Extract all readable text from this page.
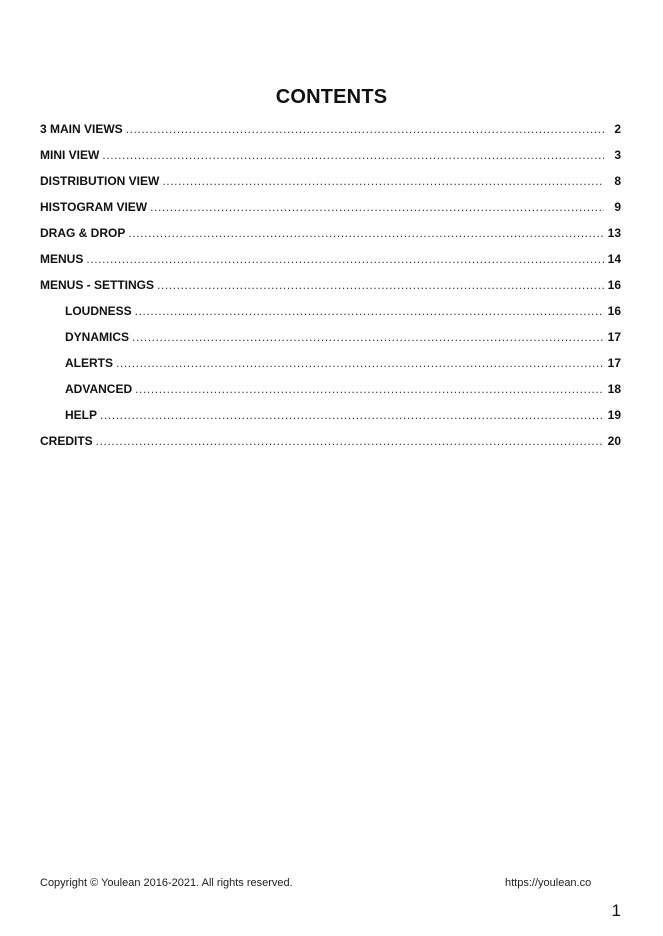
CONTENTS
3 MAIN VIEWS .....	2
MINI VIEW .....	3
DISTRIBUTION VIEW .....	8
HISTOGRAM VIEW .....	9
DRAG & DROP .....	13
MENUS .....	14
MENUS - SETTINGS .....	16
LOUDNESS .....	16
DYNAMICS .....	17
ALERTS .....	17
ADVANCED .....	18
HELP .....	19
CREDITS .....	20
Copyright © Youlean 2016-2021. All rights reserved.	https://youlean.co
1
